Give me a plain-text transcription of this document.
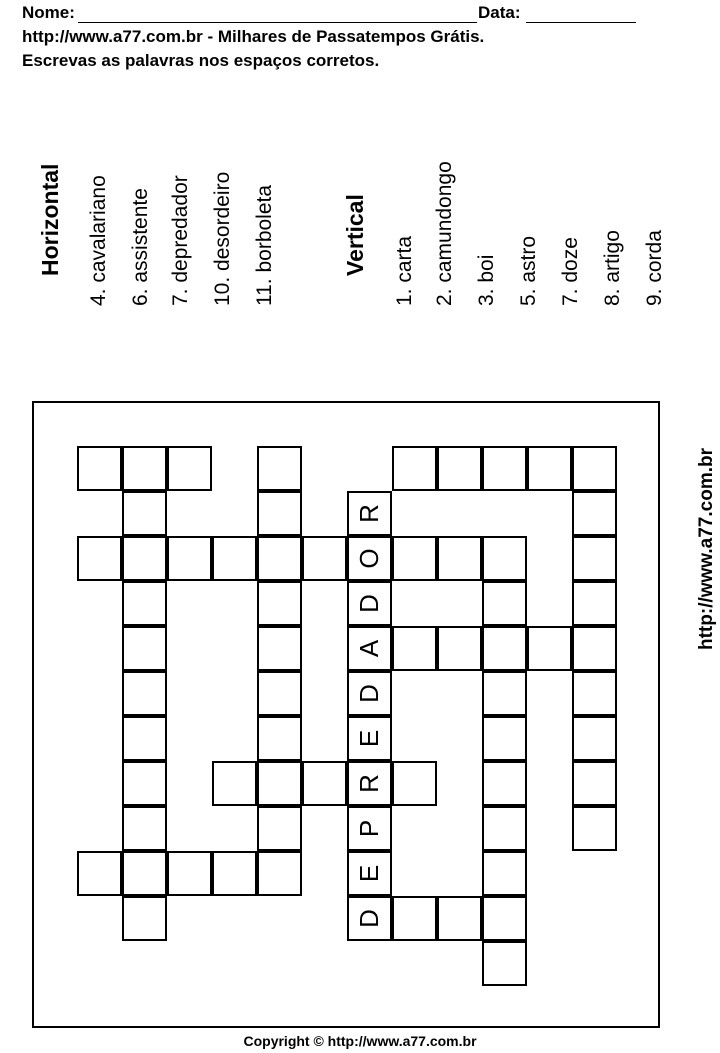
Nome:	Data:
http://www.a77.com.br - Milhares de Passatempos Grátis.
Escrevas as palavras nos espaços corretos.
Horizontal 4. cavalariano 6. assistente 7. depredador 10. desordeiro 11. borboleta	Vertical 1. carta 2. camundongo 3. boi 5. astro 7. doze 8. artigo 9. corda
http://www.a77.com.br
D
E
P
R
E
D
A
D
O
R
Copyright © http://www.a77.com.br
